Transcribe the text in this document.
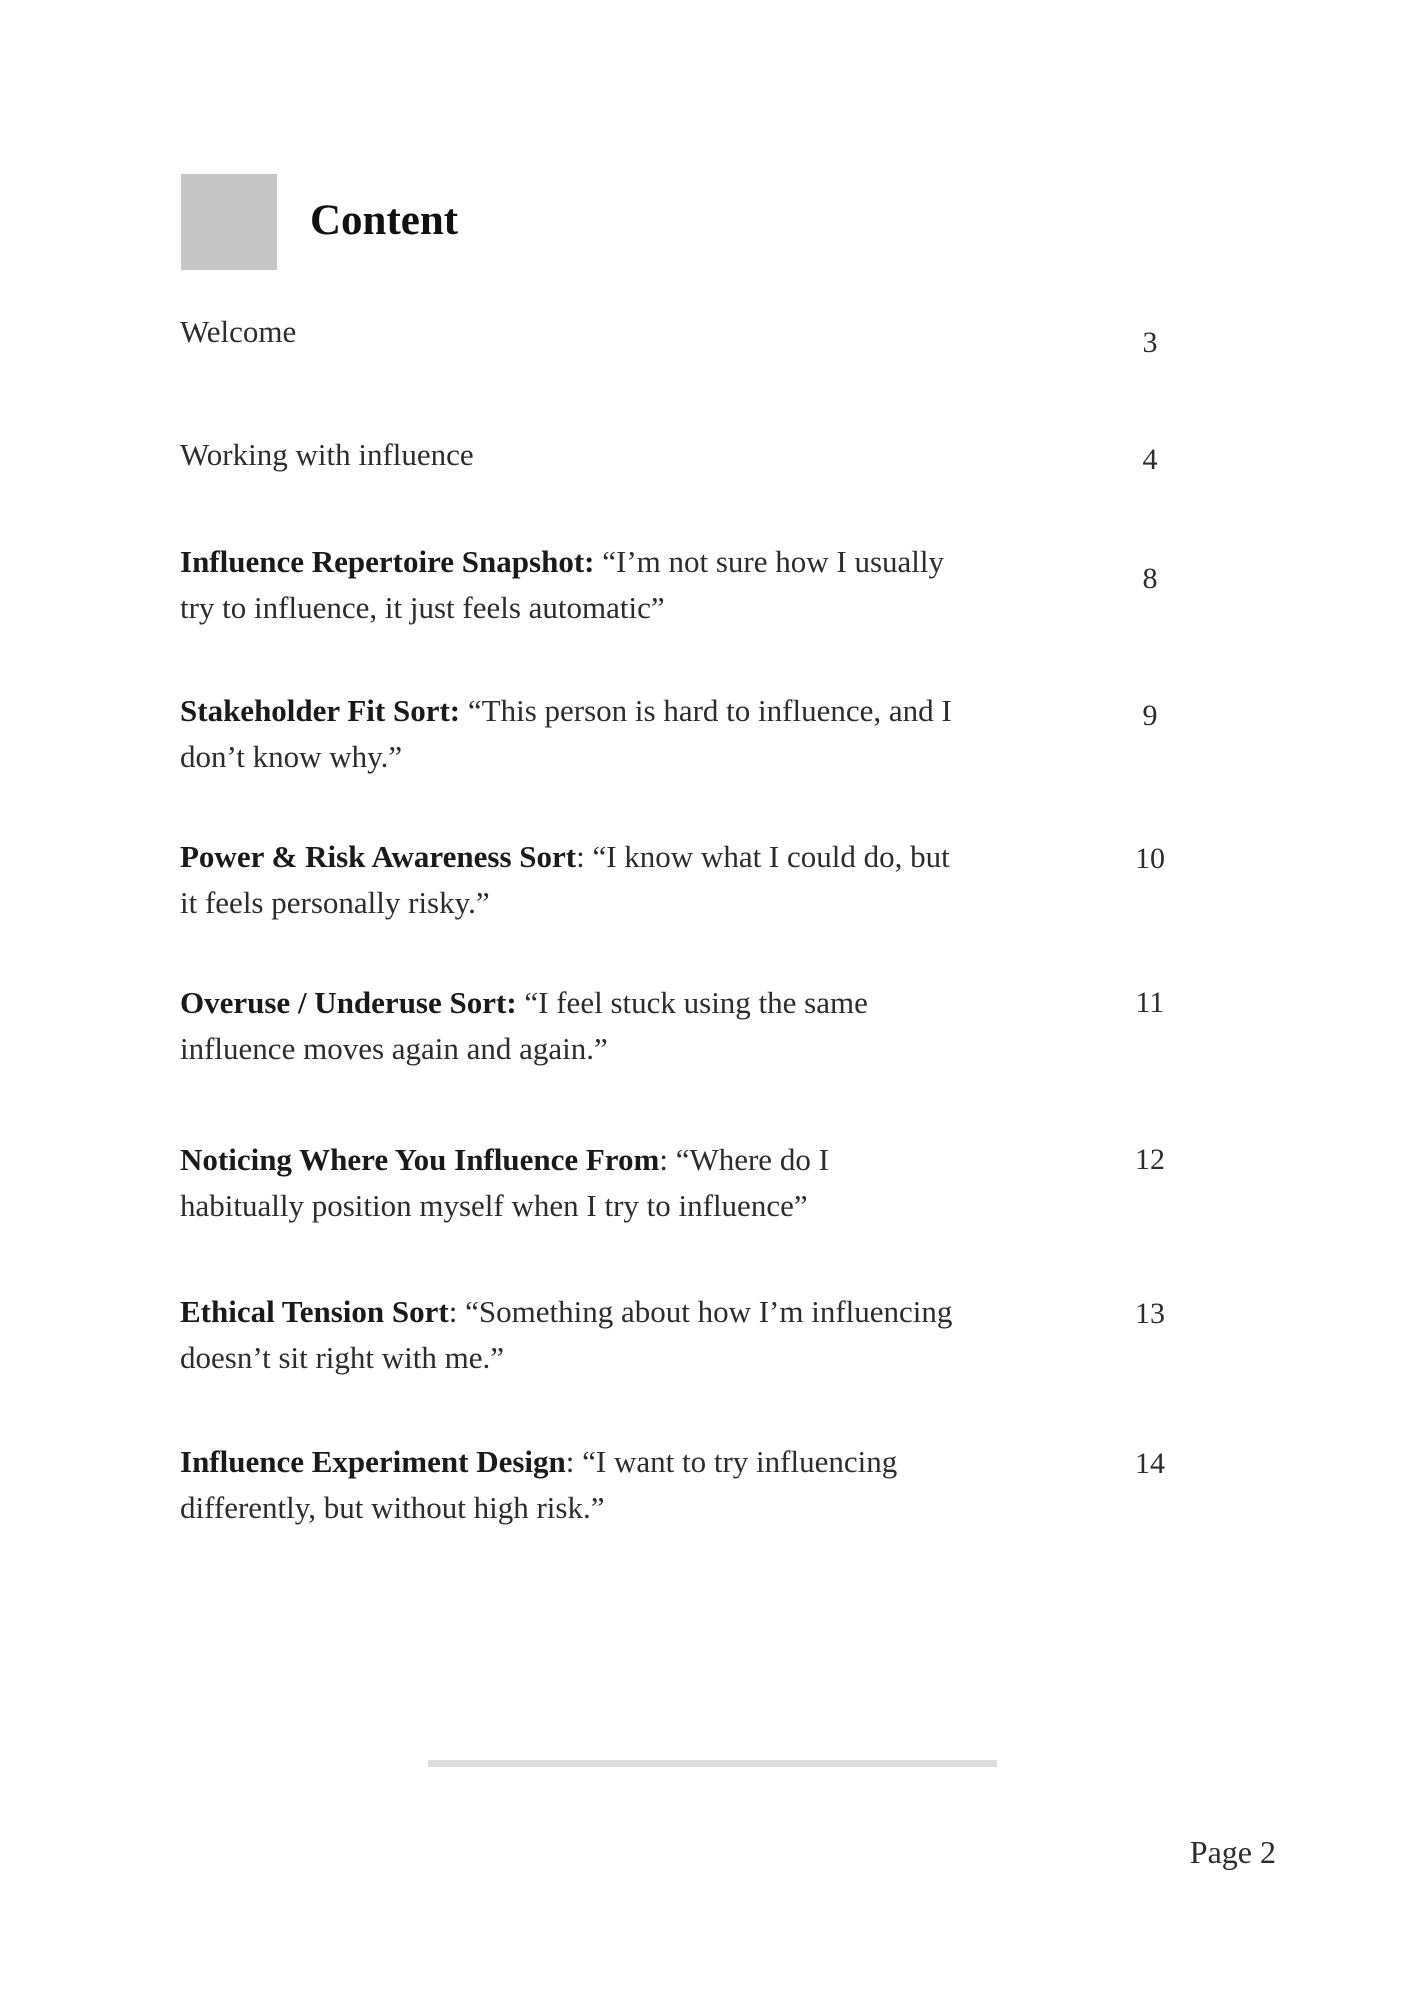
Content
Welcome	3
Working with influence	4
Influence Repertoire Snapshot: “I’m not sure how I usually try to influence, it just feels automatic”
8
Stakeholder Fit Sort: “This person is hard to influence, and I don’t know why.”
9
Power & Risk Awareness Sort: “I know what I could do, but it feels personally risky.”
10
Overuse / Underuse Sort: “I feel stuck using the same influence moves again and again.”
11
Noticing Where You Influence From: “Where do I habitually position myself when I try to influence”
12
Ethical Tension Sort: “Something about how I’m influencing doesn’t sit right with me.”
13
Influence Experiment Design: “I want to try influencing differently, but without high risk.”
14
Page 2
